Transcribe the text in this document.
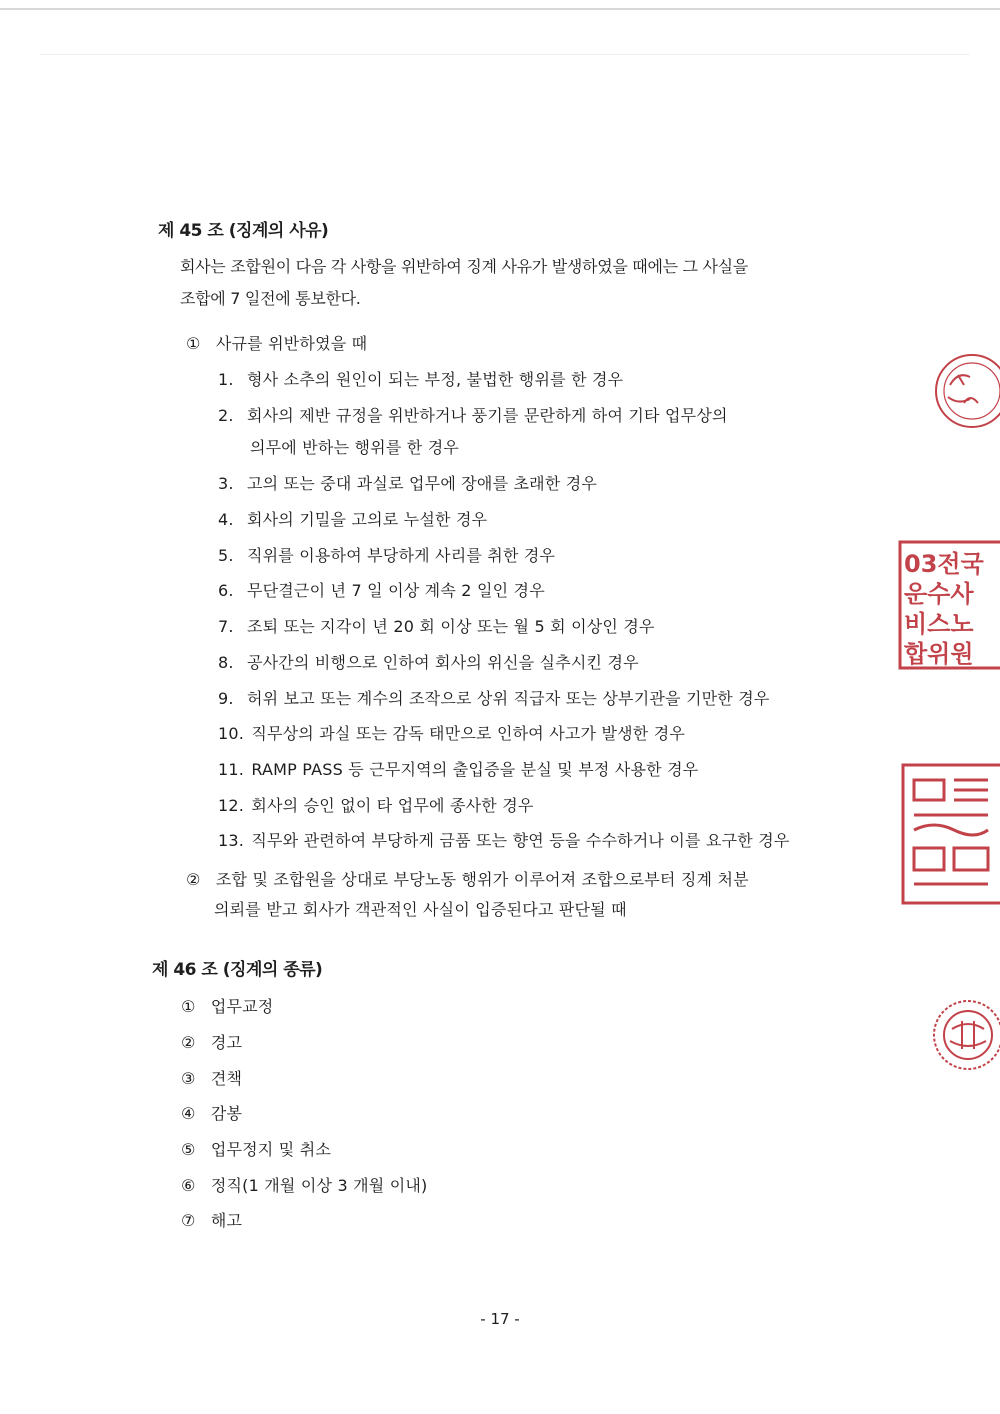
제 45 조 (징계의 사유)
회사는 조합원이 다음 각 사항을 위반하여 징계 사유가 발생하였을 때에는 그 사실을
조합에 7 일전에 통보한다.
① 사규를 위반하였을 때
1. 형사 소추의 원인이 되는 부정, 불법한 행위를 한 경우
2. 회사의 제반 규정을 위반하거나 풍기를 문란하게 하여 기타 업무상의
의무에 반하는 행위를 한 경우
3. 고의 또는 중대 과실로 업무에 장애를 초래한 경우
4. 회사의 기밀을 고의로 누설한 경우
5. 직위를 이용하여 부당하게 사리를 취한 경우
6. 무단결근이 년 7 일 이상 계속 2 일인 경우
7. 조퇴 또는 지각이 년 20 회 이상 또는 월 5 회 이상인 경우
8. 공사간의 비행으로 인하여 회사의 위신을 실추시킨 경우
9. 허위 보고 또는 계수의 조작으로 상위 직급자 또는 상부기관을 기만한 경우
10. 직무상의 과실 또는 감독 태만으로 인하여 사고가 발생한 경우
11. RAMP PASS 등 근무지역의 출입증을 분실 및 부정 사용한 경우
12. 회사의 승인 없이 타 업무에 종사한 경우
13. 직무와 관련하여 부당하게 금품 또는 향연 등을 수수하거나 이를 요구한 경우
② 조합 및 조합원을 상대로 부당노동 행위가 이루어져 조합으로부터 징계 처분
의뢰를 받고 회사가 객관적인 사실이 입증된다고 판단될 때
제 46 조 (징계의 종류)
① 업무교정
② 경고
③ 견책
④ 감봉
⑤ 업무정지 및 취소
⑥ 정직(1 개월 이상 3 개월 이내)
⑦ 해고
- 17 -
03전국
운수사
비스노
합위원
